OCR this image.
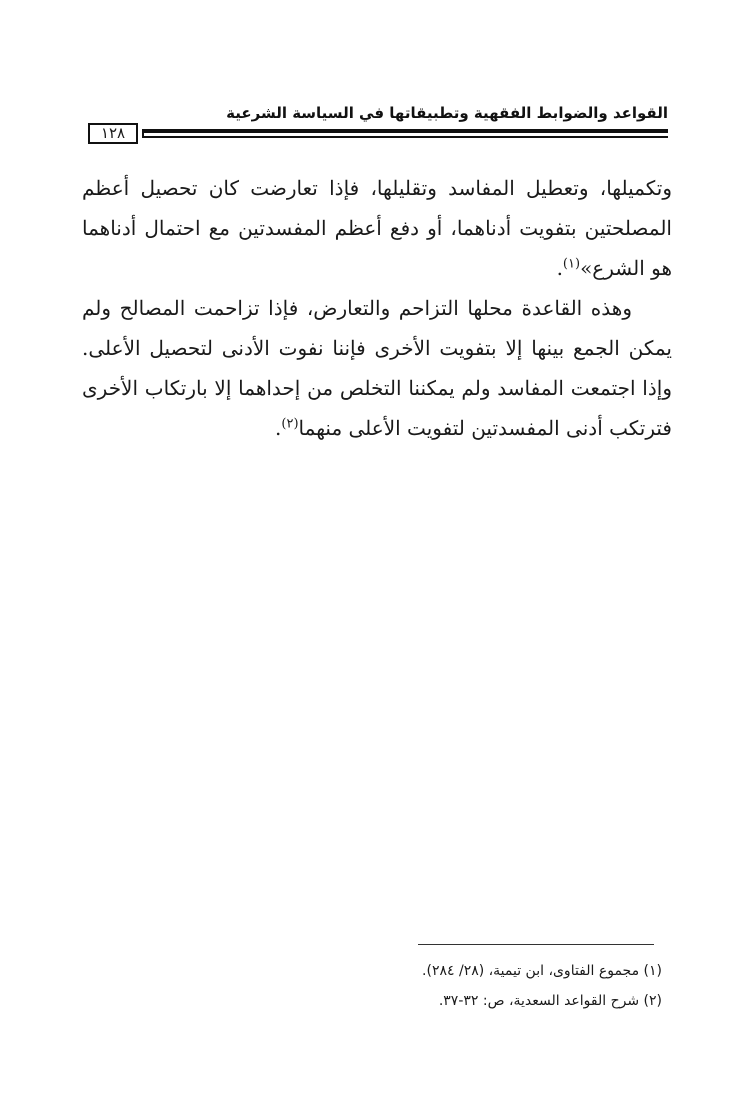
القواعد والضوابط الفقهية وتطبيقاتها في السياسة الشرعية
١٢٨

وتكميلها، وتعطيل المفاسد وتقليلها، فإذا تعارضت كان تحصيل أعظم المصلحتين بتفويت أدناهما، أو دفع أعظم المفسدتين مع احتمال أدناهما هو الشرع»$^{(١)}$.

وهذه القاعدة محلها التزاحم والتعارض، فإذا تزاحمت المصالح ولم يمكن الجمع بينها إلا بتفويت الأخرى فإننا نفوت الأدنى لتحصيل الأعلى. وإذا اجتمعت المفاسد ولم يمكننا التخلص من إحداهما إلا بارتكاب الأخرى فترتكب أدنى المفسدتين لتفويت الأعلى منهما$^{(٢)}$.

(١) مجموع الفتاوى، ابن تيمية، (٢٨/ ٢٨٤).
(٢) شرح القواعد السعدية، ص: ٣٢-٣٧.
